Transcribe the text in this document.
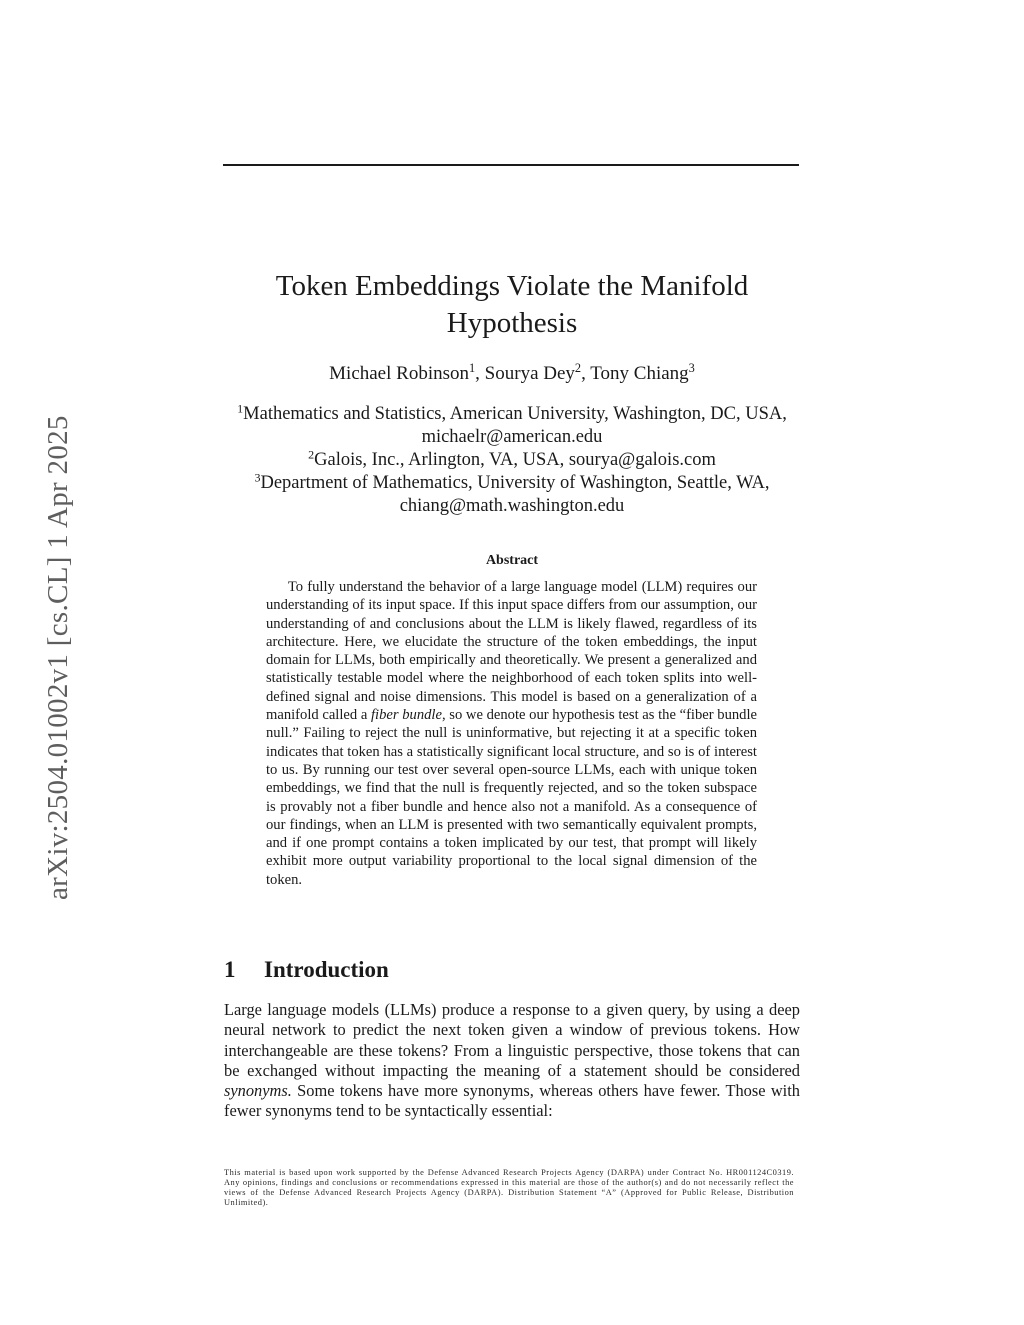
arXiv:2504.01002v1 [cs.CL] 1 Apr 2025
Token Embeddings Violate the Manifold Hypothesis
Michael Robinson$^1$, Sourya Dey$^2$, Tony Chiang$^3$
$^1$Mathematics and Statistics, American University, Washington, DC, USA, michaelr@american.edu
$^2$Galois, Inc., Arlington, VA, USA, sourya@galois.com
$^3$Department of Mathematics, University of Washington, Seattle, WA, chiang@math.washington.edu
Abstract
To fully understand the behavior of a large language model (LLM) requires our understanding of its input space. If this input space differs from our assumption, our understanding of and conclusions about the LLM is likely flawed, regardless of its architecture. Here, we elucidate the structure of the token embeddings, the input domain for LLMs, both empirically and theoretically. We present a generalized and statistically testable model where the neighborhood of each token splits into well-defined signal and noise dimensions. This model is based on a generalization of a manifold called a fiber bundle, so we denote our hypothesis test as the “fiber bundle null.” Failing to reject the null is uninformative, but rejecting it at a specific token indicates that token has a statistically significant local structure, and so is of interest to us. By running our test over several open-source LLMs, each with unique token embeddings, we find that the null is frequently rejected, and so the token subspace is provably not a fiber bundle and hence also not a manifold. As a consequence of our findings, when an LLM is presented with two semantically equivalent prompts, and if one prompt contains a token implicated by our test, that prompt will likely exhibit more output variability proportional to the local signal dimension of the token.
1 Introduction
Large language models (LLMs) produce a response to a given query, by using a deep neural network to predict the next token given a window of previous tokens. How interchangeable are these tokens? From a linguistic perspective, those tokens that can be exchanged without impacting the meaning of a statement should be considered synonyms. Some tokens have more synonyms, whereas others have fewer. Those with fewer synonyms tend to be syntactically essential:
This material is based upon work supported by the Defense Advanced Research Projects Agency (DARPA) under Contract No. HR001124C0319. Any opinions, findings and conclusions or recommendations expressed in this material are those of the author(s) and do not necessarily reflect the views of the Defense Advanced Research Projects Agency (DARPA). Distribution Statement “A” (Approved for Public Release, Distribution Unlimited).
